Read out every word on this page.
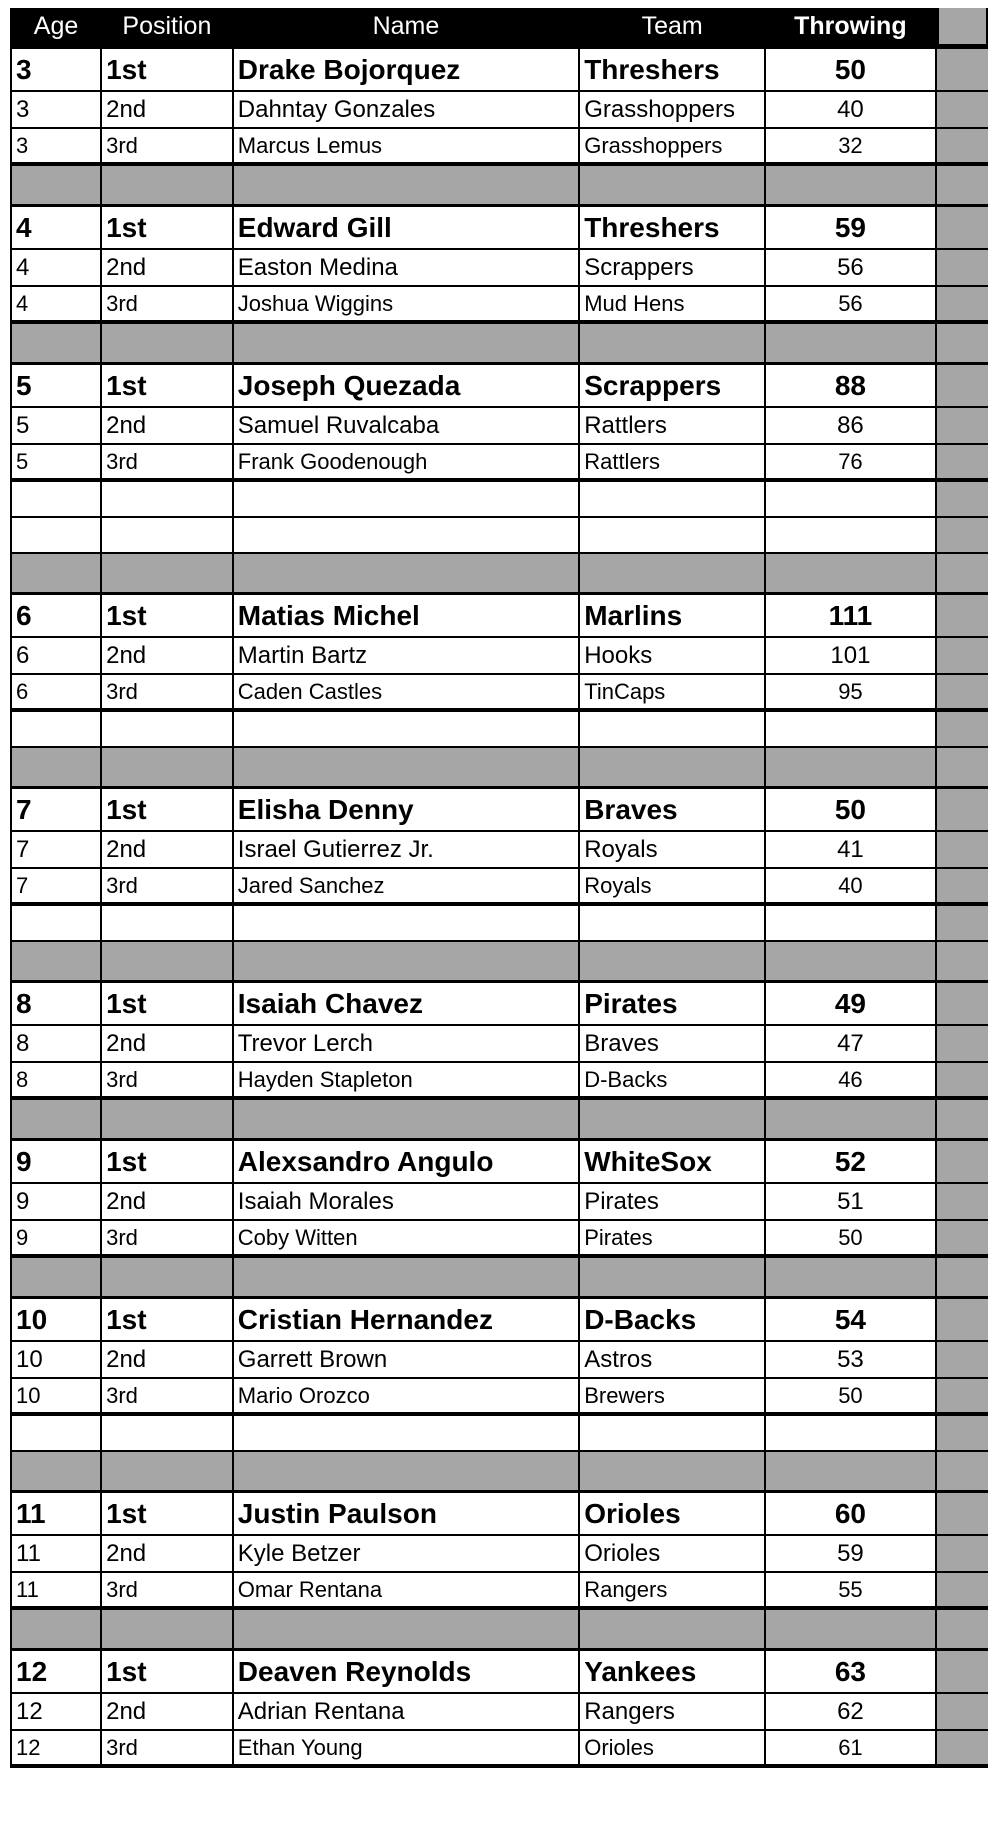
Age	Position	Name	Team	Throwing
3	1st	Drake Bojorquez	Threshers	50
3	2nd	Dahntay Gonzales	Grasshoppers	40
3	3rd	Marcus Lemus	Grasshoppers	32
4	1st	Edward Gill	Threshers	59
4	2nd	Easton Medina	Scrappers	56
4	3rd	Joshua Wiggins	Mud Hens	56
5	1st	Joseph Quezada	Scrappers	88
5	2nd	Samuel Ruvalcaba	Rattlers	86
5	3rd	Frank Goodenough	Rattlers	76
6	1st	Matias Michel	Marlins	111
6	2nd	Martin Bartz	Hooks	101
6	3rd	Caden Castles	TinCaps	95
7	1st	Elisha Denny	Braves	50
7	2nd	Israel Gutierrez Jr.	Royals	41
7	3rd	Jared Sanchez	Royals	40
8	1st	Isaiah Chavez	Pirates	49
8	2nd	Trevor Lerch	Braves	47
8	3rd	Hayden Stapleton	D-Backs	46
9	1st	Alexsandro Angulo	WhiteSox	52
9	2nd	Isaiah Morales	Pirates	51
9	3rd	Coby Witten	Pirates	50
10	1st	Cristian Hernandez	D-Backs	54
10	2nd	Garrett Brown	Astros	53
10	3rd	Mario Orozco	Brewers	50
11	1st	Justin Paulson	Orioles	60
11	2nd	Kyle Betzer	Orioles	59
11	3rd	Omar Rentana	Rangers	55
12	1st	Deaven Reynolds	Yankees	63
12	2nd	Adrian Rentana	Rangers	62
12	3rd	Ethan Young	Orioles	61
